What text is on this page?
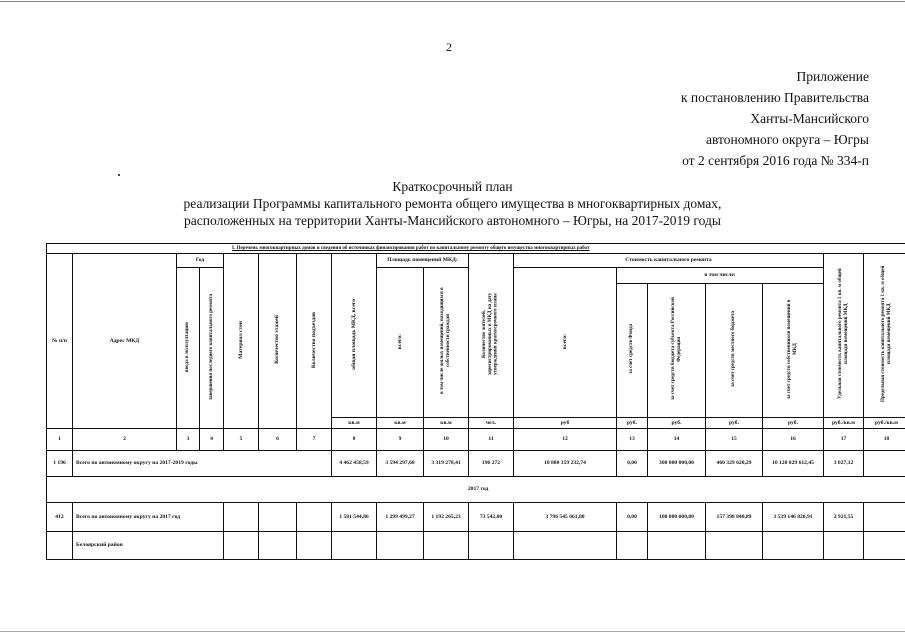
2
Приложение
к постановлению Правительства
Ханты-Мансийского
автономного округа – Югры
от 2 сентября 2016 года № 334-п
Краткосрочный план
реализации Программы капитального ремонта общего имущества в многоквартирных домах,
расположенных на территории Ханты-Мансийского автономного – Югры, на 2017-2019 годы
I. Перечень многоквартирных домов и сведения об источниках финансирования работ по капитальному ремонту общего имущества многоквартирных работ																		
№ п/п	Адрес МКД	Год		Материал стен	Количество этажей	Количество подъездов	общая площадь МКД, всего	Площадь помещений МКД:		Количество жителей, зарегистрированных в МКД на дату утверждения краткосрочного плана	Стоимость капитального ремонта					Удельная стоимость капитального ремонта 1 кв. м общей площади помещений МКД	Предельная стоимость капитального ремонта 1 кв. м общей площади помещений МКД	
		ввода в эксплуатацию	завершения последнего капитального ремонта					всего:	в том числе жилых помещений, находящихся в собственности граждан		всего:	в том числе:						
												за счет средств Фонда	за счет средств бюджета субъекта Российской Федерации	за счет средств местного бюджета	за счет средств собственников помещений в МКД			
							кв.м	кв.м	кв.м	чел.	руб	руб.	руб.	руб.	руб.	руб./кв.м	руб./кв.м	
1	2	3	4	5	6	7	8	9	10	11	12	13	14	15	16	17	18	
1 196	Всего по автономному округу на 2017-2019 годы						4 462 458,59	3 594 297,68	3 319 278,41	196 272	10 880 359 232,74	0,00	300 000 000,00	460 329 620,29	10 120 029 612,45	3 027,12		
2017 год																		
412	Всего по автономному округу на 2017 год						1 581 544,86	1 299 499,27	1 192 265,23	73 542,00	3 796 545 661,80	0,00	100 000 000,00	157 398 840,89	3 539 146 820,91	2 921,55		
	Белоярский район																	
